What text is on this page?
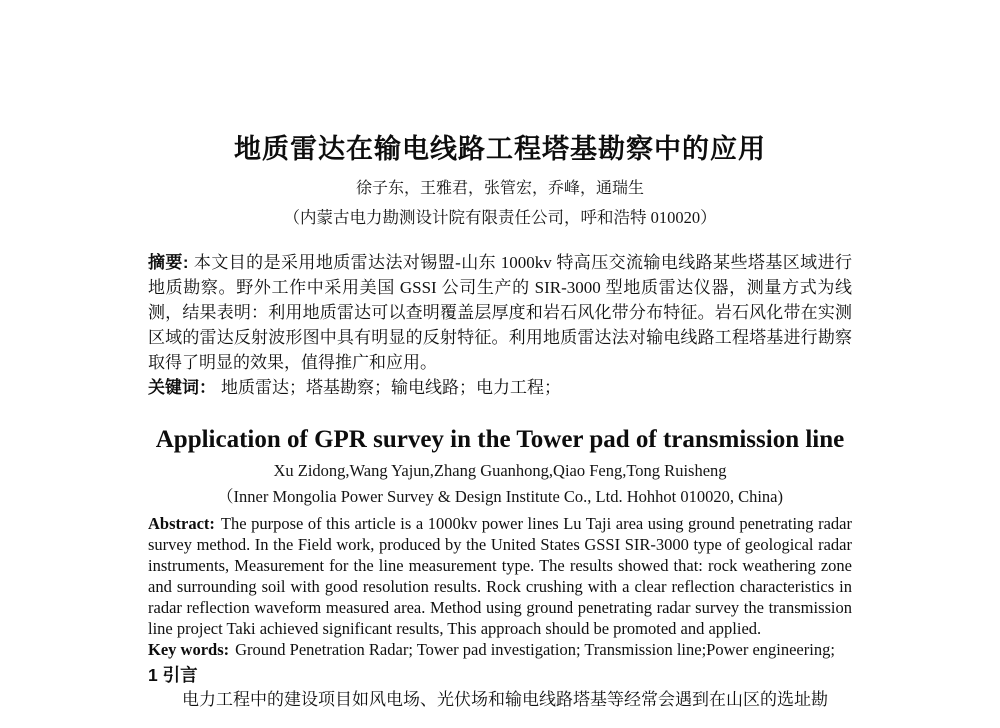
地质雷达在输电线路工程塔基勘察中的应用
徐子东，王雅君，张管宏，乔峰，通瑞生
（内蒙古电力勘测设计院有限责任公司，呼和浩特 010020）

摘要: 本文目的是采用地质雷达法对锡盟-山东 1000kv 特高压交流输电线路某些塔基区域进行地质勘察。野外工作中采用美国 GSSI 公司生产的 SIR-3000 型地质雷达仪器，测量方式为线测，结果表明：利用地质雷达可以查明覆盖层厚度和岩石风化带分布特征。岩石风化带在实测区域的雷达反射波形图中具有明显的反射特征。利用地质雷达法对输电线路工程塔基进行勘察取得了明显的效果，值得推广和应用。

关键词： 地质雷达；塔基勘察；输电线路；电力工程；

Application of GPR survey in the Tower pad of transmission line
Xu Zidong,Wang Yajun,Zhang Guanhong,Qiao Feng,Tong Ruisheng
（Inner Mongolia Power Survey & Design Institute Co., Ltd. Hohhot 010020, China)

Abstract: The purpose of this article is a 1000kv power lines Lu Taji area using ground penetrating radar survey method. In the Field work, produced by the United States GSSI SIR-3000 type of geological radar instruments, Measurement for the line measurement type. The results showed that: rock weathering zone and surrounding soil with good resolution results. Rock crushing with a clear reflection characteristics in radar reflection waveform measured area. Method using ground penetrating radar survey the transmission line project Taki achieved significant results, This approach should be promoted and applied.

Key words: Ground Penetration Radar; Tower pad investigation; Transmission line;Power engineering;

1 引言

电力工程中的建设项目如风电场、光伏场和输电线路塔基等经常会遇到在山区的选址勘
